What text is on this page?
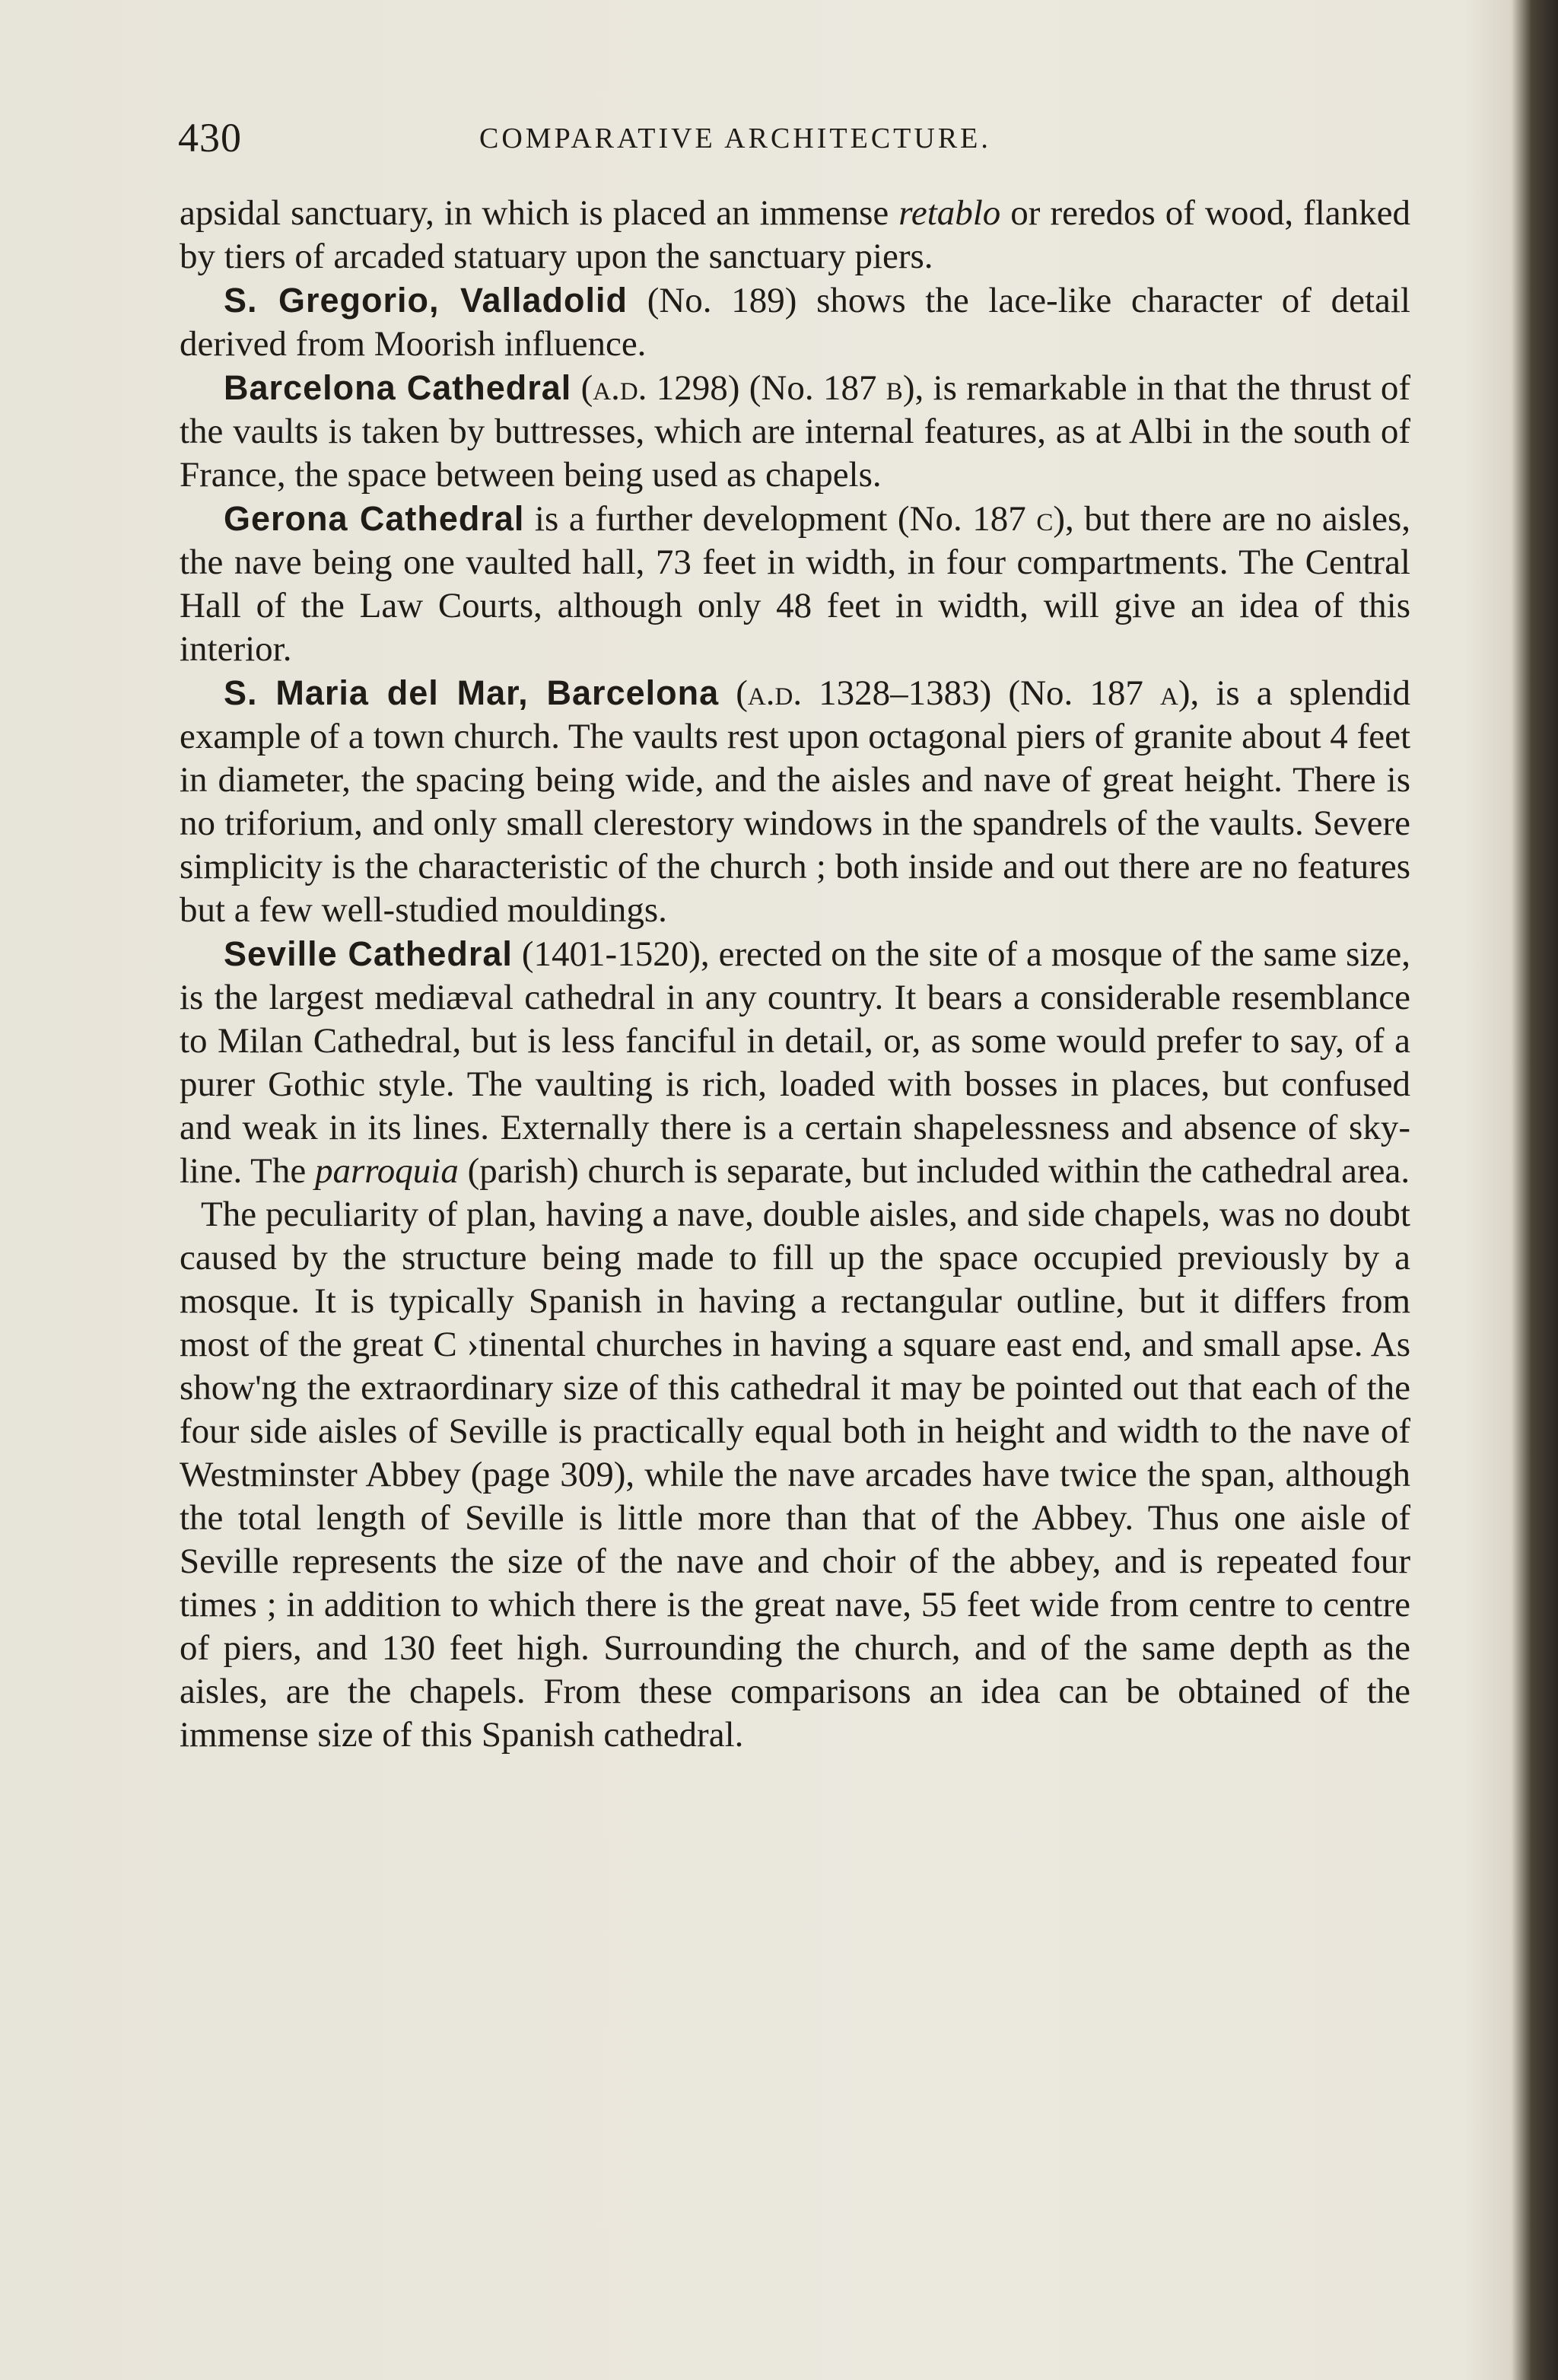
430	COMPARATIVE ARCHITECTURE.

apsidal sanctuary, in which is placed an immense retablo or reredos of wood, flanked by tiers of arcaded statuary upon the sanctuary piers.

S. Gregorio, Valladolid (No. 189) shows the lace-like character of detail derived from Moorish influence.

Barcelona Cathedral (a.d. 1298) (No. 187 b), is remarkable in that the thrust of the vaults is taken by buttresses, which are internal features, as at Albi in the south of France, the space between being used as chapels.

Gerona Cathedral is a further development (No. 187 c), but there are no aisles, the nave being one vaulted hall, 73 feet in width, in four compartments. The Central Hall of the Law Courts, although only 48 feet in width, will give an idea of this interior.

S. Maria del Mar, Barcelona (a.d. 1328–1383) (No. 187 a), is a splendid example of a town church. The vaults rest upon octagonal piers of granite about 4 feet in diameter, the spacing being wide, and the aisles and nave of great height. There is no triforium, and only small clerestory windows in the spandrels of the vaults. Severe simplicity is the characteristic of the church ; both inside and out there are no features but a few well-studied mouldings.

Seville Cathedral (1401-1520), erected on the site of a mosque of the same size, is the largest mediæval cathedral in any country. It bears a considerable resemblance to Milan Cathedral, but is less fanciful in detail, or, as some would prefer to say, of a purer Gothic style. The vaulting is rich, loaded with bosses in places, but confused and weak in its lines. Externally there is a certain shapelessness and absence of sky-line. The parroquia (parish) church is separate, but included within the cathedral area.

The peculiarity of plan, having a nave, double aisles, and side chapels, was no doubt caused by the structure being made to fill up the space occupied previously by a mosque. It is typically Spanish in having a rectangular outline, but it differs from most of the great C ›tinental churches in having a square east end, and small apse. As show'ng the extraordinary size of this cathedral it may be pointed out that each of the four side aisles of Seville is practically equal both in height and width to the nave of Westminster Abbey (page 309), while the nave arcades have twice the span, although the total length of Seville is little more than that of the Abbey. Thus one aisle of Seville represents the size of the nave and choir of the abbey, and is repeated four times ; in addition to which there is the great nave, 55 feet wide from centre to centre of piers, and 130 feet high. Surrounding the church, and of the same depth as the aisles, are the chapels. From these comparisons an idea can be obtained of the immense size of this Spanish cathedral.
